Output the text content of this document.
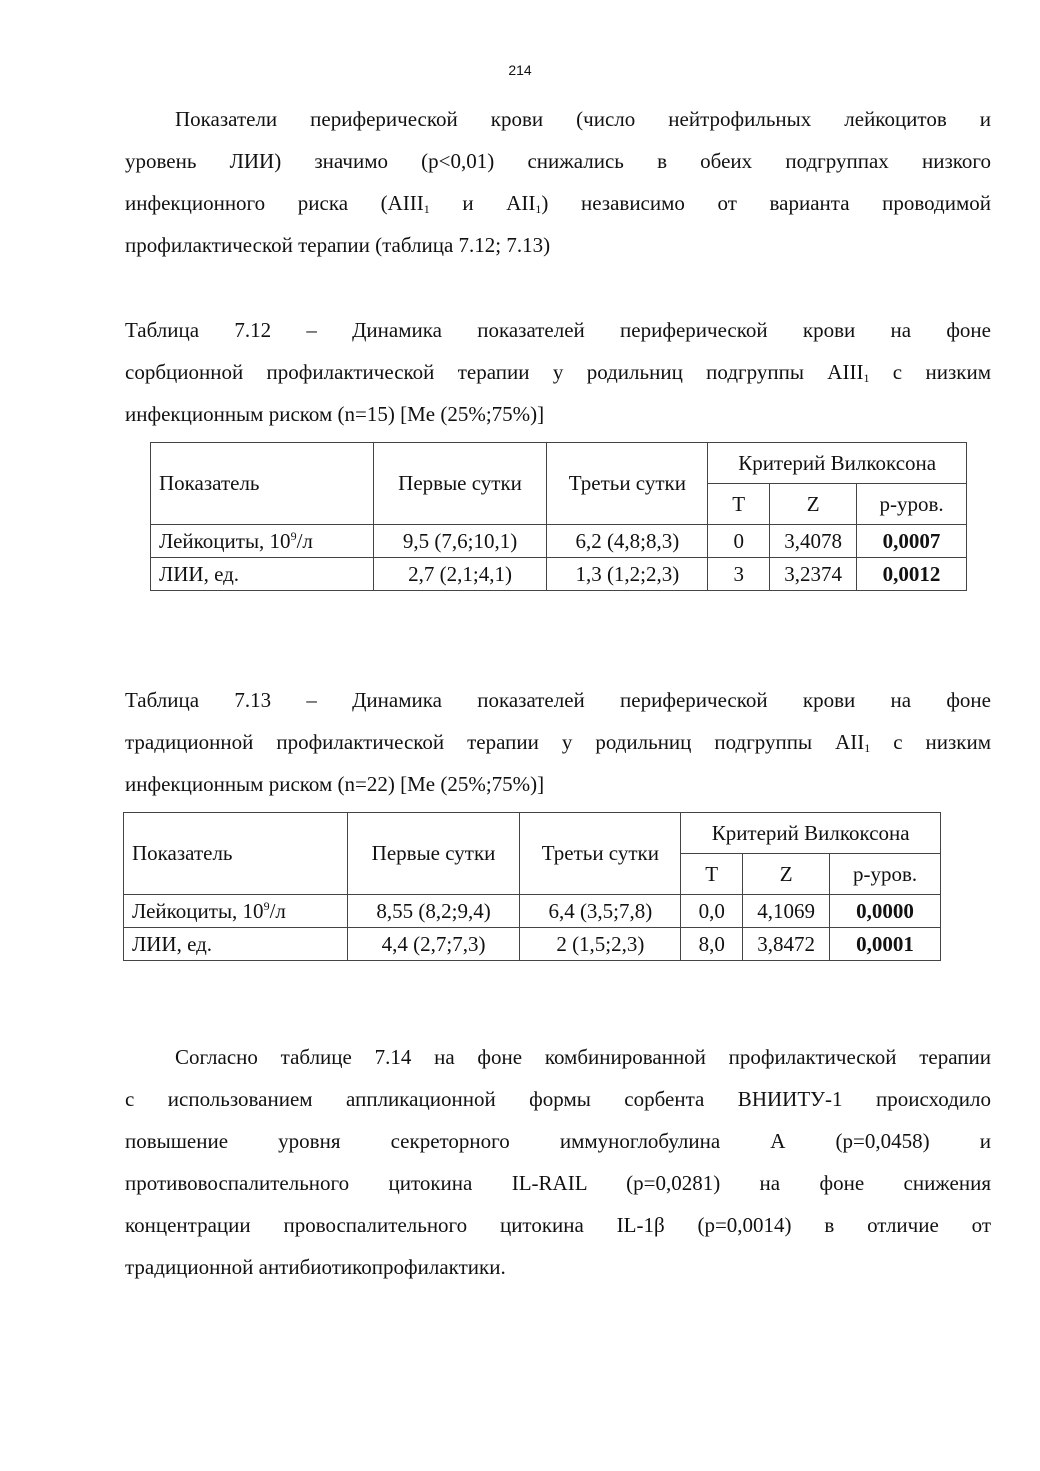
214

Показатели периферической крови (число нейтрофильных лейкоцитов и
уровень ЛИИ) значимо (p<0,01) снижались в обеих подгруппах низкого
инфекционного риска ($AIII_1$ и $AII_1$) независимо от варианта проводимой
профилактической терапии (таблица 7.12; 7.13)

Таблица 7.12 – Динамика показателей периферической крови на фоне
сорбционной профилактической терапии у родильниц подгруппы $AIII_1$ с низким
инфекционным риском (n=15) [Me (25%;75%)]

Показатель	Первые сутки	Третьи сутки	Критерий Вилкоксона		
			T	Z	р-уров.
Лейкоциты, $10^9/л$	9,5 (7,6;10,1)	6,2 (4,8;8,3)	0	3,4078	0,0007
ЛИИ, ед.	2,7 (2,1;4,1)	1,3 (1,2;2,3)	3	3,2374	0,0012

Таблица 7.13 – Динамика показателей периферической крови на фоне
традиционной профилактической терапии у родильниц подгруппы $AII_1$ с низким
инфекционным риском (n=22) [Me (25%;75%)]

Показатель	Первые сутки	Третьи сутки	Критерий Вилкоксона		
			T	Z	р-уров.
Лейкоциты, $10^9/л$	8,55 (8,2;9,4)	6,4 (3,5;7,8)	0,0	4,1069	0,0000
ЛИИ, ед.	4,4 (2,7;7,3)	2 (1,5;2,3)	8,0	3,8472	0,0001

Согласно таблице 7.14 на фоне комбинированной профилактической терапии
с использованием аппликационной формы сорбента ВНИИТУ-1 происходило
повышение уровня секреторного иммуноглобулина А (р=0,0458) и
противовоспалительного цитокина IL-RAIL (р=0,0281) на фоне снижения
концентрации провоспалительного цитокина IL-1β (р=0,0014) в отличие от
традиционной антибиотикопрофилактики.
